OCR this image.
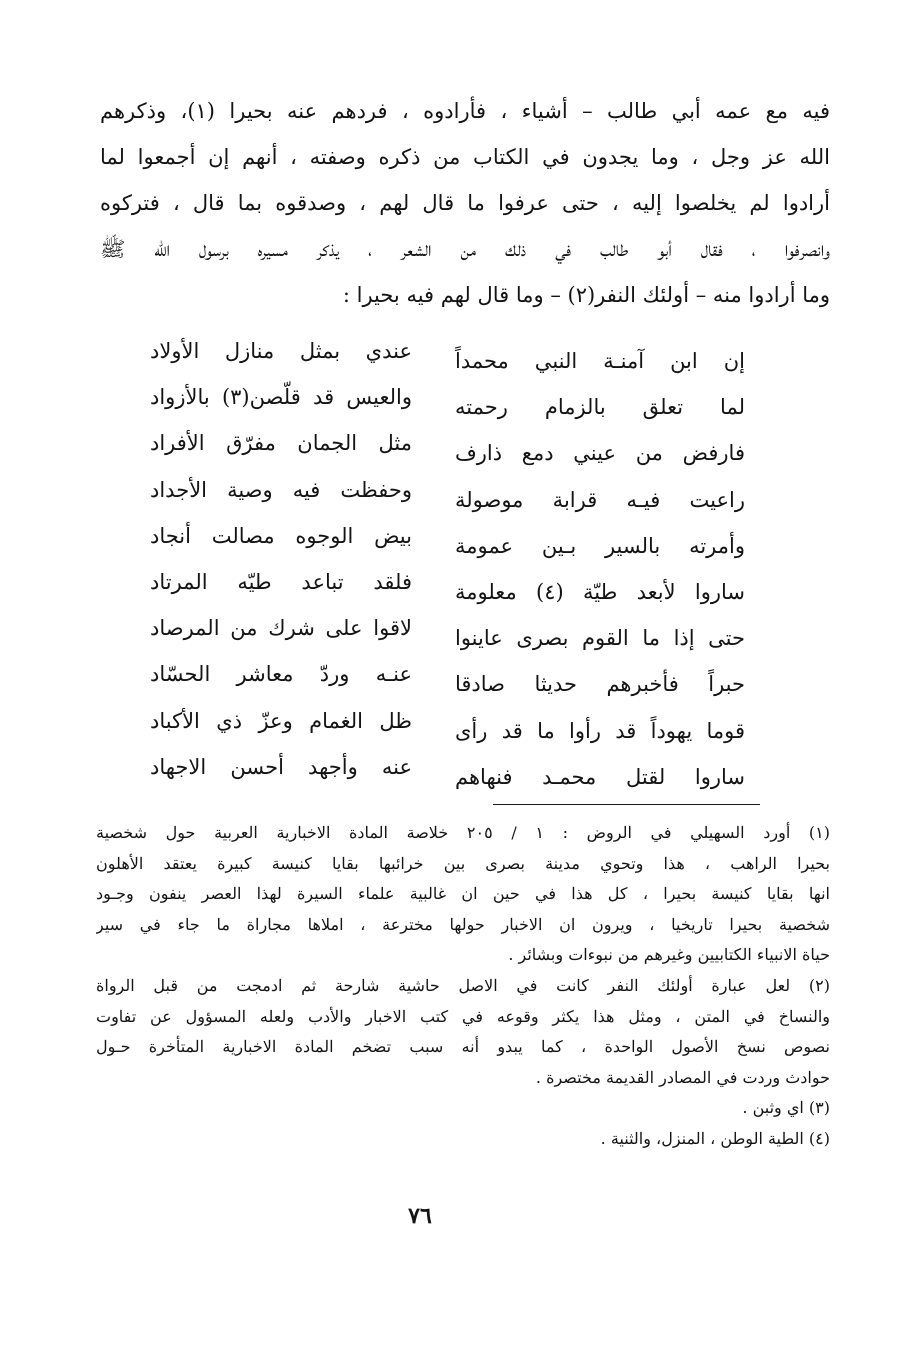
فيه مع عمه أبي طالب – أشياء ، فأرادوه ، فردهم عنه بحيرا (١)، وذكرهم
الله عز وجل ، وما يجدون في الكتاب من ذكره وصفته ، أنهم إن أجمعوا لما
أرادوا لم يخلصوا إليه ، حتى عرفوا ما قال لهم ، وصدقوه بما قال ، فتركوه
وانصرفوا ، فقال أبو طالب في ذلك من الشعر ، يذكر مسيره برسول الله ﷺ
وما أرادوا منه – أولئك النفر(٢) – وما قال لهم فيه بحيرا :
إن ابن آمنـة النبي محمداً
لما تعلق بالزمام رحمته
فارفض من عيني دمع ذارف
راعيت فيـه قرابة موصولة
وأمرته بالسير بـين عمومة
ساروا لأبعد طيّة (٤) معلومة
حتى إذا ما القوم بصرى عاينوا
حبراً فأخبرهم حديثا صادقا
قوما يهوداً قد رأوا ما قد رأى
ساروا لقتل محمـد فنهاهم
عندي بمثل منازل الأولاد
والعيس قد قلّصن(٣) بالأزواد
مثل الجمان مفرّق الأفراد
وحفظت فيه وصية الأجداد
بيض الوجوه مصالت أنجاد
فلقد تباعد طيّه المرتاد
لاقوا على شرك من المرصاد
عنـه وردّ معاشر الحسّاد
ظل الغمام وعزّ ذي الأكباد
عنه وأجهد أحسن الاجهاد
(١) أورد السهيلي في الروض : ١ / ٢٠٥ خلاصة المادة الاخبارية العربية حول شخصية
بحيرا الراهب ، هذا وتحوي مدينة بصرى بين خرائبها بقايا كنيسة كبيرة يعتقد الأهلون
انها بقايا كنيسة بحيرا ، كل هذا في حين ان غالبية علماء السيرة لهذا العصر ينفون وجـود
شخصية بحيرا تاريخيا ، ويرون ان الاخبار حولها مخترعة ، املاها مجاراة ما جاء في سير
حياة الانبياء الكتابيين وغيرهم من نبوءات وبشائر .
(٢) لعل عبارة أولئك النفر كانت في الاصل حاشية شارحة ثم ادمجت من قبل الرواة
والنساخ في المتن ، ومثل هذا يكثر وقوعه في كتب الاخبار والأدب ولعله المسؤول عن تفاوت
نصوص نسخ الأصول الواحدة ، كما يبدو أنه سبب تضخم المادة الاخبارية المتأخرة حـول
حوادث وردت في المصادر القديمة مختصرة .
(٣) اي وثبن .
(٤) الطية الوطن ، المنزل، والثنية .
٧٦
